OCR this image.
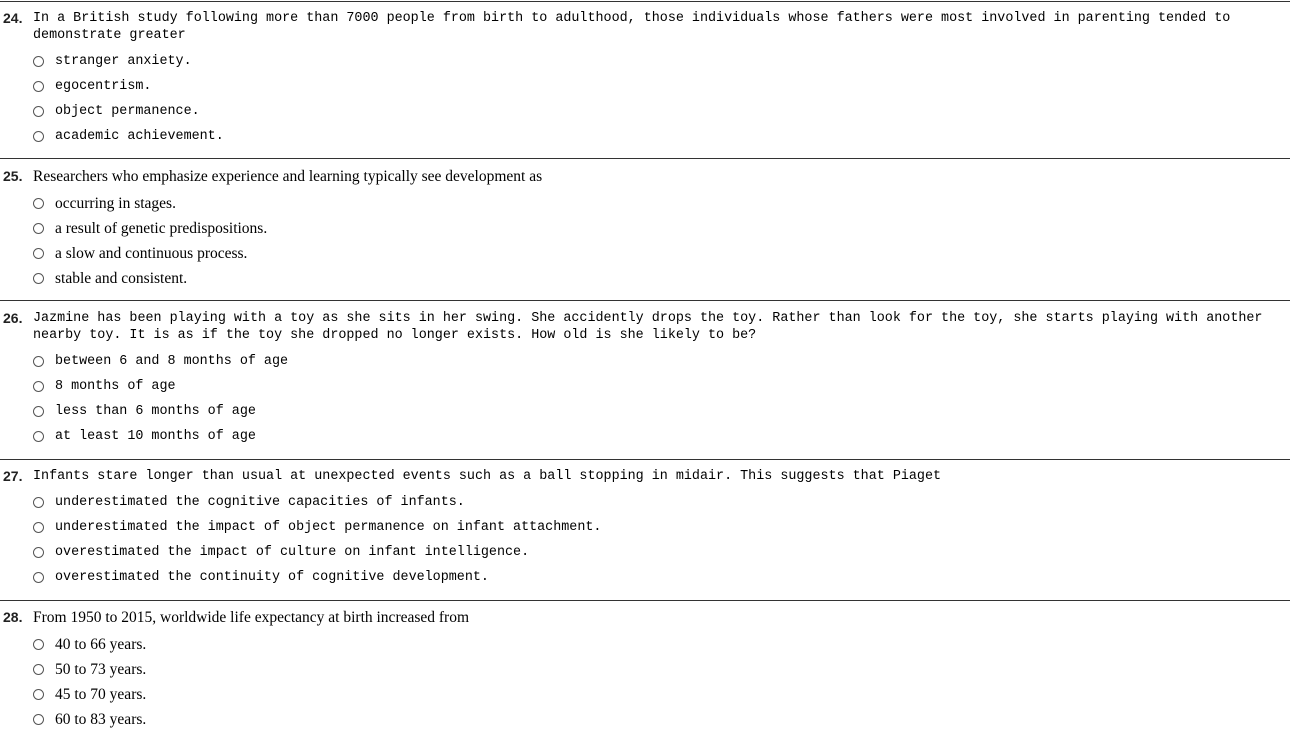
24. In a British study following more than 7000 people from birth to adulthood, those individuals whose fathers were most involved in parenting tended to demonstrate greater
stranger anxiety.
egocentrism.
object permanence.
academic achievement.
25. Researchers who emphasize experience and learning typically see development as
occurring in stages.
a result of genetic predispositions.
a slow and continuous process.
stable and consistent.
26. Jazmine has been playing with a toy as she sits in her swing. She accidently drops the toy. Rather than look for the toy, she starts playing with another nearby toy. It is as if the toy she dropped no longer exists. How old is she likely to be?
between 6 and 8 months of age
8 months of age
less than 6 months of age
at least 10 months of age
27. Infants stare longer than usual at unexpected events such as a ball stopping in midair. This suggests that Piaget
underestimated the cognitive capacities of infants.
underestimated the impact of object permanence on infant attachment.
overestimated the impact of culture on infant intelligence.
overestimated the continuity of cognitive development.
28. From 1950 to 2015, worldwide life expectancy at birth increased from
40 to 66 years.
50 to 73 years.
45 to 70 years.
60 to 83 years.
